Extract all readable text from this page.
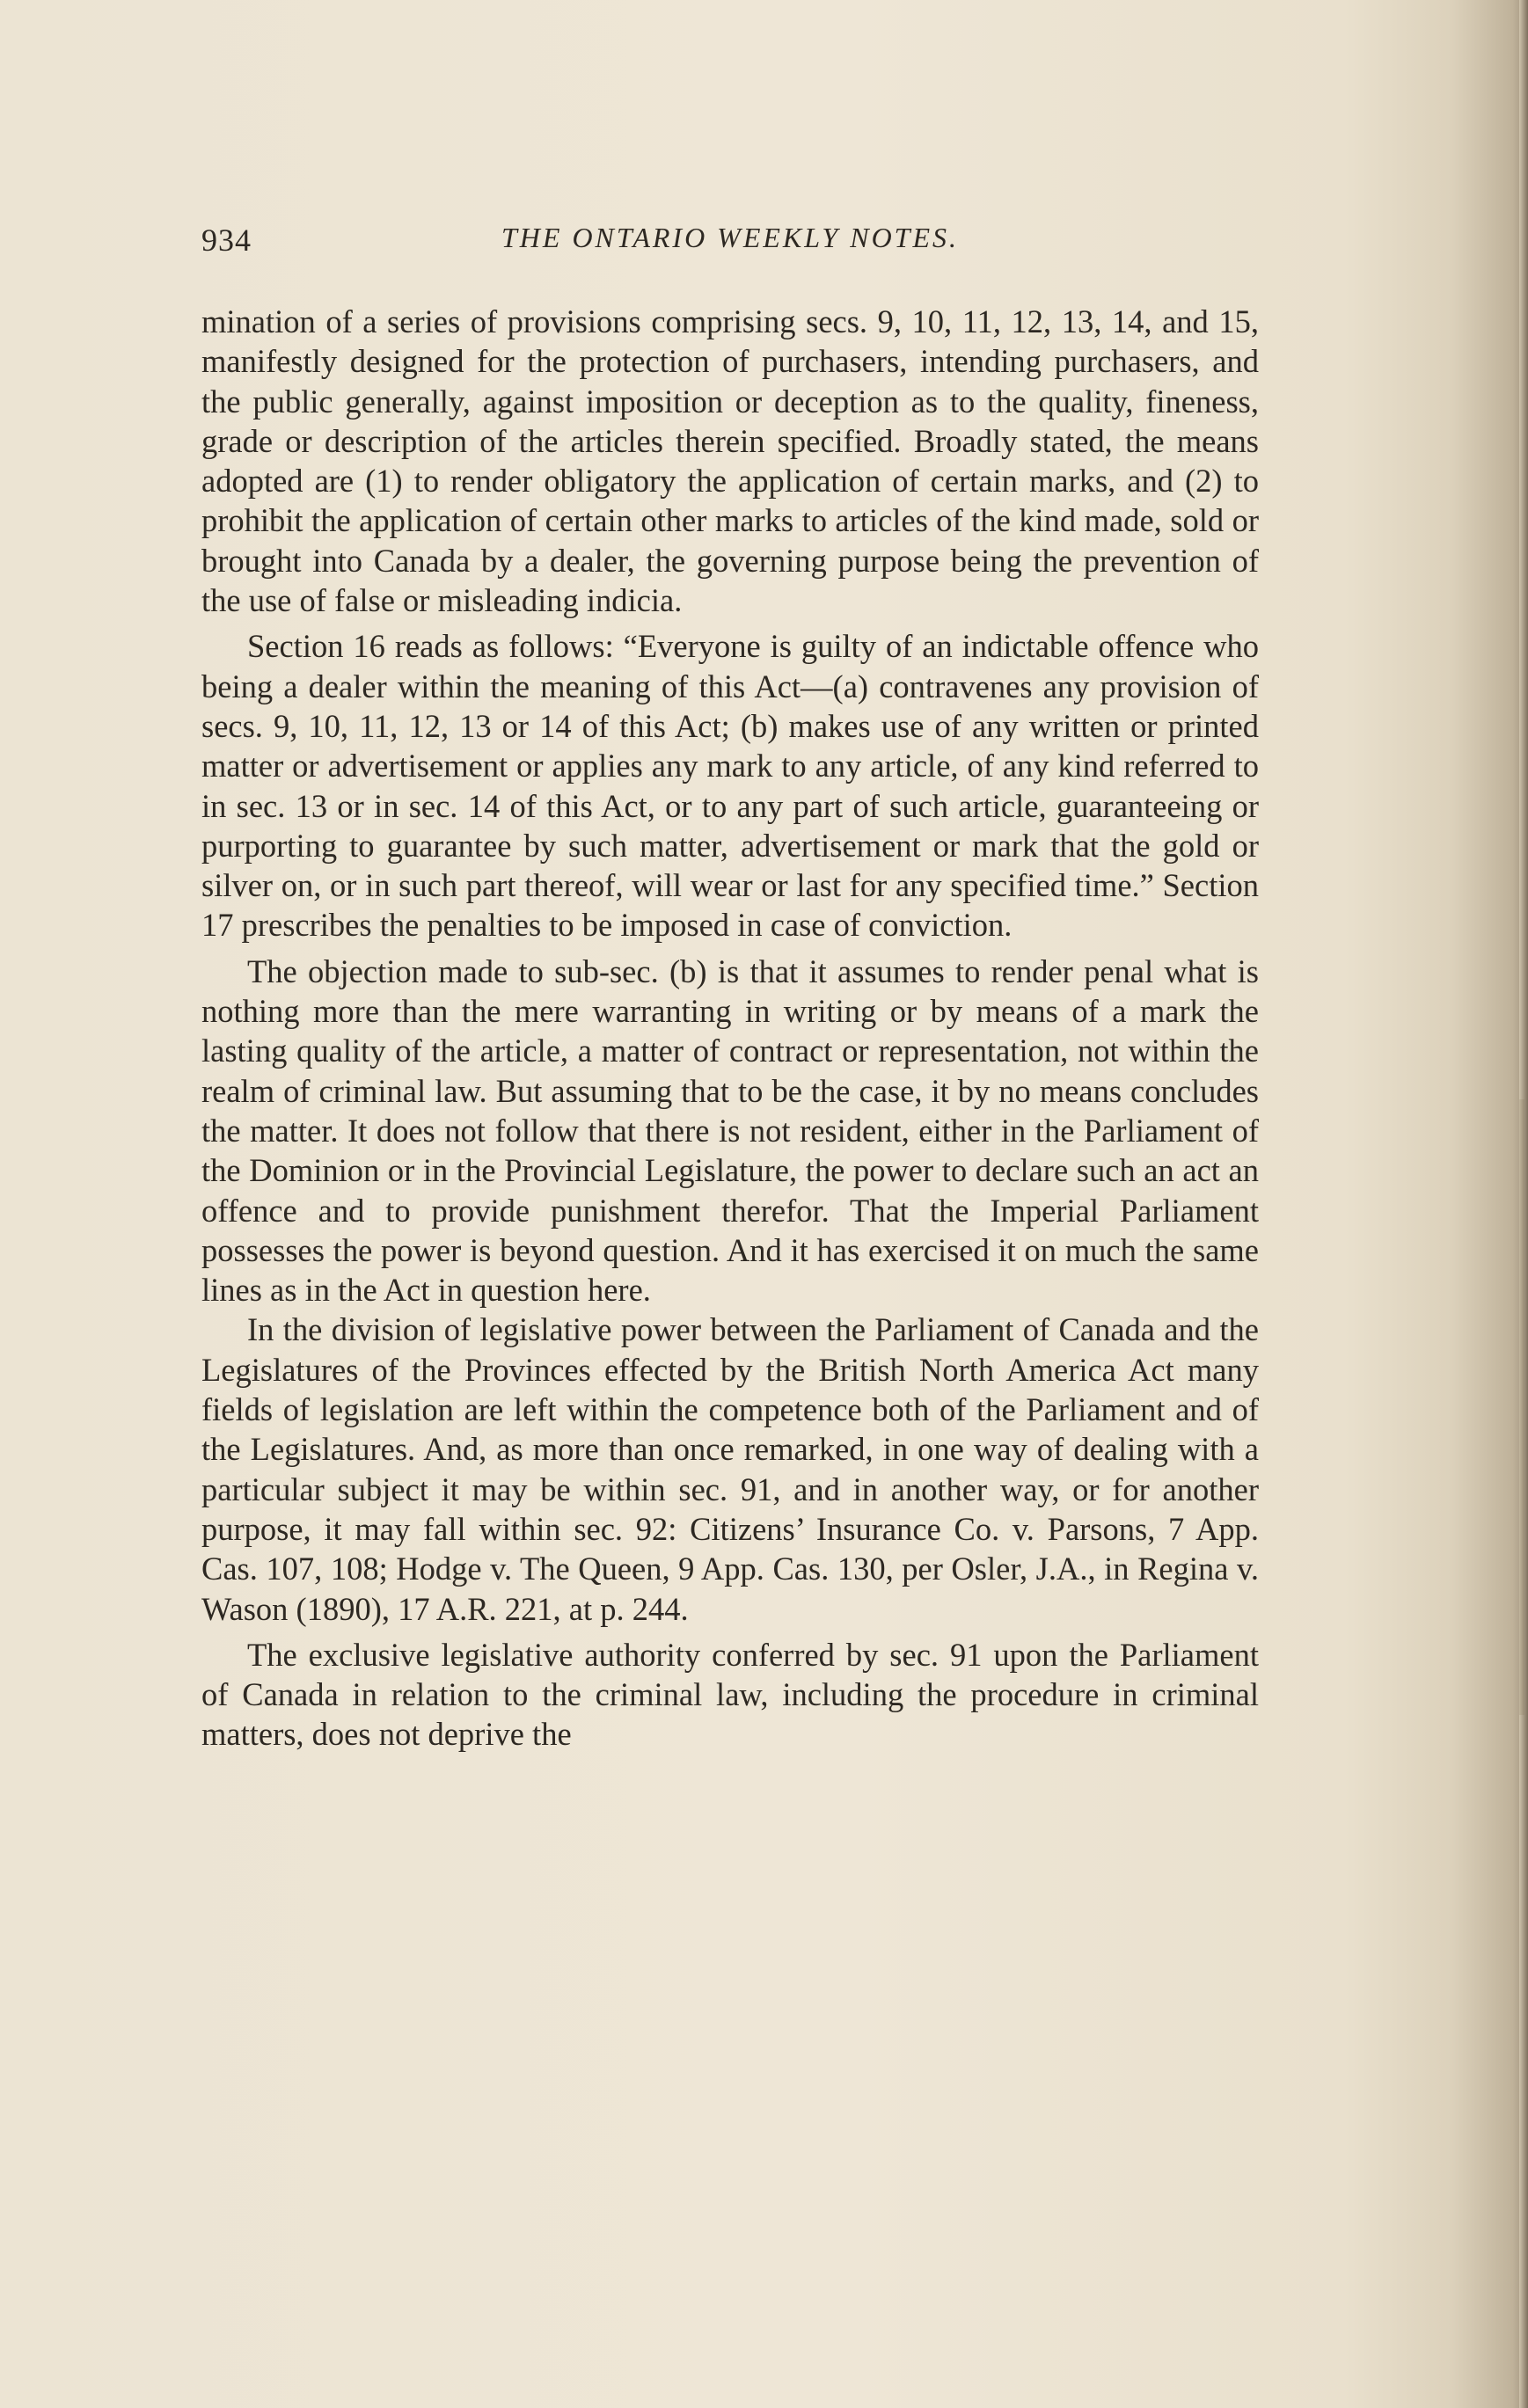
934	THE ONTARIO WEEKLY NOTES.

mination of a series of provisions comprising secs. 9, 10, 11, 12, 13, 14, and 15, manifestly designed for the protection of purchasers, intending purchasers, and the public generally, against imposition or deception as to the quality, fineness, grade or description of the articles therein specified. Broadly stated, the means adopted are (1) to render obligatory the application of certain marks, and (2) to prohibit the application of certain other marks to articles of the kind made, sold or brought into Canada by a dealer, the governing purpose being the prevention of the use of false or misleading indicia.

Section 16 reads as follows: “Everyone is guilty of an indictable offence who being a dealer within the meaning of this Act—(a) contravenes any provision of secs. 9, 10, 11, 12, 13 or 14 of this Act; (b) makes use of any written or printed matter or advertisement or applies any mark to any article, of any kind referred to in sec. 13 or in sec. 14 of this Act, or to any part of such article, guaranteeing or purporting to guarantee by such matter, advertisement or mark that the gold or silver on, or in such part thereof, will wear or last for any specified time.” Section 17 prescribes the penalties to be imposed in case of conviction.

The objection made to sub-sec. (b) is that it assumes to render penal what is nothing more than the mere warranting in writing or by means of a mark the lasting quality of the article, a matter of contract or representation, not within the realm of criminal law. But assuming that to be the case, it by no means concludes the matter. It does not follow that there is not resident, either in the Parliament of the Dominion or in the Provincial Legislature, the power to declare such an act an offence and to provide punishment therefor. That the Imperial Parliament possesses the power is beyond question. And it has exercised it on much the same lines as in the Act in question here.

In the division of legislative power between the Parliament of Canada and the Legislatures of the Provinces effected by the British North America Act many fields of legislation are left within the competence both of the Parliament and of the Legislatures. And, as more than once remarked, in one way of dealing with a particular subject it may be within sec. 91, and in another way, or for another purpose, it may fall within sec. 92: Citizens’ Insurance Co. v. Parsons, 7 App. Cas. 107, 108; Hodge v. The Queen, 9 App. Cas. 130, per Osler, J.A., in Regina v. Wason (1890), 17 A.R. 221, at p. 244.

The exclusive legislative authority conferred by sec. 91 upon the Parliament of Canada in relation to the criminal law, including the procedure in criminal matters, does not deprive the
